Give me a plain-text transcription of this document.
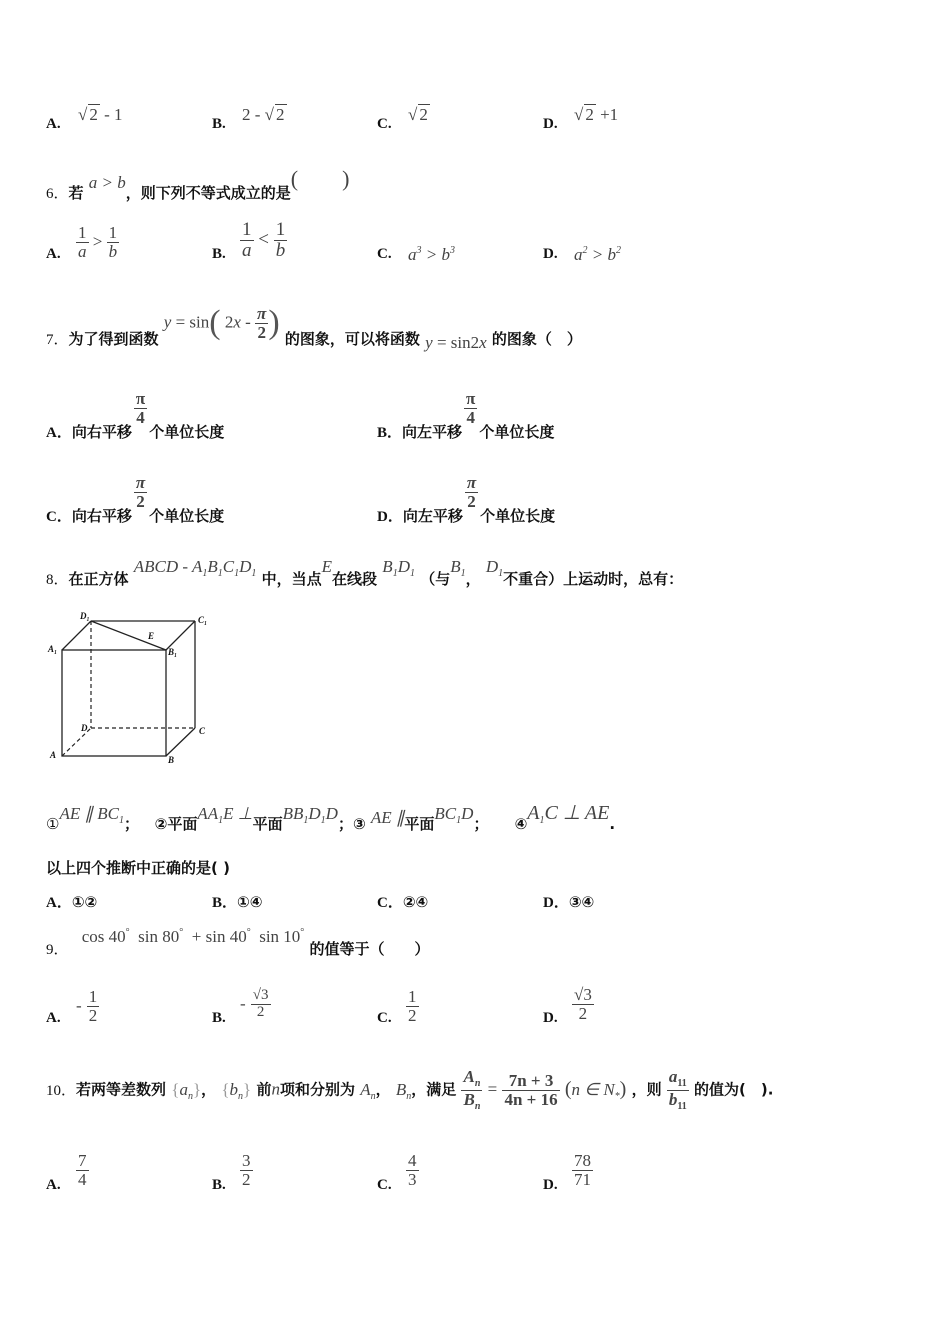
A. √ 2 - 1	B. 2 - √ 2	C. √ 2	D. √ 2 +1
6．若 a > b，则下列不等式成立的是(　　)
A. $\frac{1}{a} > \frac{1}{b}$	B. $\frac{1}{a} < \frac{1}{b}$	C. $a^3 > b^3$	D. $a^2 > b^2$
7．为了得到函数 y = sin( $2x - \frac{\pi}{2}$ ) 的图象，可以将函数 y = sin2x 的图象（　）
A．向右平移
$\frac{\pi}{4}$
个单位长度	B．向左平移
$\frac{\pi}{4}$
个单位长度
C．向右平移
$\frac{\pi}{2}$
个单位长度	D．向左平移
$\frac{\pi}{2}$
个单位长度
8．在正方体 ABCD - $A_1B_1C_1D_1$ 中，当点E在线段 $B_1D_1$ （与$B_1$， $D_1$不重合）上运动时，总有：
D₁	C₁
A₁	B₁
E
D	C
A	B
①AE ∥ $BC_1$； ②平面$AA_1E$ ⊥平面$BB_1D_1D$；③ AE ∥平面$BC_1D$； $④A_1C$ ⊥ AE.
以上四个推断中正确的是( )
A．①②	B．①④	C．②④	D．③④
9． cos 40°  sin 80°  + sin 40°  sin 10° 的值等于（　　）
A.
- $\frac{1}{2}$	B.
- $\frac{√3}{2}$	C. $\frac{1}{2}$	D. $\frac{√3}{2}$
10．若两等差数列 $\{a_n\}$， $\{b_n\}$ 前n项和分别为 $A_n$， $B_n$，满足 $\frac{A_n}{B_n} = \frac{7n + 3}{4n + 16} (n$ ∈ $N_*$) ，则 $\frac{a_{11}}{b_{11}}$ 的值为(　).
A. $\frac{7}{4}$	B. $\frac{3}{2}$	C. $\frac{4}{3}$	D. $\frac{78}{71}$
